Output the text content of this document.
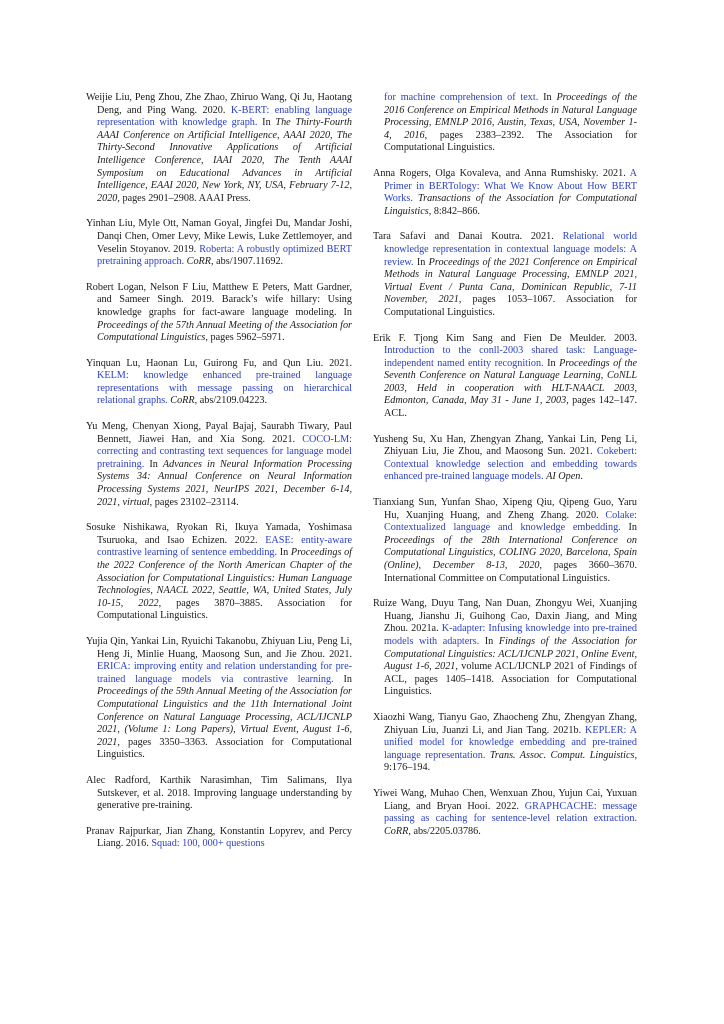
Weijie Liu, Peng Zhou, Zhe Zhao, Zhiruo Wang, Qi Ju, Haotang Deng, and Ping Wang. 2020. K-BERT: enabling language representation with knowledge graph. In The Thirty-Fourth AAAI Conference on Artificial Intelligence, AAAI 2020, The Thirty-Second Innovative Applications of Artificial Intelligence Conference, IAAI 2020, The Tenth AAAI Symposium on Educational Advances in Artificial Intelligence, EAAI 2020, New York, NY, USA, February 7-12, 2020, pages 2901–2908. AAAI Press.

Yinhan Liu, Myle Ott, Naman Goyal, Jingfei Du, Mandar Joshi, Danqi Chen, Omer Levy, Mike Lewis, Luke Zettlemoyer, and Veselin Stoyanov. 2019. Roberta: A robustly optimized BERT pretraining approach. CoRR, abs/1907.11692.

Robert Logan, Nelson F Liu, Matthew E Peters, Matt Gardner, and Sameer Singh. 2019. Barack’s wife hillary: Using knowledge graphs for fact-aware language modeling. In Proceedings of the 57th Annual Meeting of the Association for Computational Linguistics, pages 5962–5971.

Yinquan Lu, Haonan Lu, Guirong Fu, and Qun Liu. 2021. KELM: knowledge enhanced pre-trained language representations with message passing on hierarchical relational graphs. CoRR, abs/2109.04223.

Yu Meng, Chenyan Xiong, Payal Bajaj, Saurabh Tiwary, Paul Bennett, Jiawei Han, and Xia Song. 2021. COCO-LM: correcting and contrasting text sequences for language model pretraining. In Advances in Neural Information Processing Systems 34: Annual Conference on Neural Information Processing Systems 2021, NeurIPS 2021, December 6-14, 2021, virtual, pages 23102–23114.

Sosuke Nishikawa, Ryokan Ri, Ikuya Yamada, Yoshimasa Tsuruoka, and Isao Echizen. 2022. EASE: entity-aware contrastive learning of sentence embedding. In Proceedings of the 2022 Conference of the North American Chapter of the Association for Computational Linguistics: Human Language Technologies, NAACL 2022, Seattle, WA, United States, July 10-15, 2022, pages 3870–3885. Association for Computational Linguistics.

Yujia Qin, Yankai Lin, Ryuichi Takanobu, Zhiyuan Liu, Peng Li, Heng Ji, Minlie Huang, Maosong Sun, and Jie Zhou. 2021. ERICA: improving entity and relation understanding for pre-trained language models via contrastive learning. In Proceedings of the 59th Annual Meeting of the Association for Computational Linguistics and the 11th International Joint Conference on Natural Language Processing, ACL/IJCNLP 2021, (Volume 1: Long Papers), Virtual Event, August 1-6, 2021, pages 3350–3363. Association for Computational Linguistics.

Alec Radford, Karthik Narasimhan, Tim Salimans, Ilya Sutskever, et al. 2018. Improving language understanding by generative pre-training.

Pranav Rajpurkar, Jian Zhang, Konstantin Lopyrev, and Percy Liang. 2016. Squad: 100, 000+ questions

for machine comprehension of text. In Proceedings of the 2016 Conference on Empirical Methods in Natural Language Processing, EMNLP 2016, Austin, Texas, USA, November 1-4, 2016, pages 2383–2392. The Association for Computational Linguistics.

Anna Rogers, Olga Kovaleva, and Anna Rumshisky. 2021. A Primer in BERTology: What We Know About How BERT Works. Transactions of the Association for Computational Linguistics, 8:842–866.

Tara Safavi and Danai Koutra. 2021. Relational world knowledge representation in contextual language models: A review. In Proceedings of the 2021 Conference on Empirical Methods in Natural Language Processing, EMNLP 2021, Virtual Event / Punta Cana, Dominican Republic, 7-11 November, 2021, pages 1053–1067. Association for Computational Linguistics.

Erik F. Tjong Kim Sang and Fien De Meulder. 2003. Introduction to the conll-2003 shared task: Language-independent named entity recognition. In Proceedings of the Seventh Conference on Natural Language Learning, CoNLL 2003, Held in cooperation with HLT-NAACL 2003, Edmonton, Canada, May 31 - June 1, 2003, pages 142–147. ACL.

Yusheng Su, Xu Han, Zhengyan Zhang, Yankai Lin, Peng Li, Zhiyuan Liu, Jie Zhou, and Maosong Sun. 2021. Cokebert: Contextual knowledge selection and embedding towards enhanced pre-trained language models. AI Open.

Tianxiang Sun, Yunfan Shao, Xipeng Qiu, Qipeng Guo, Yaru Hu, Xuanjing Huang, and Zheng Zhang. 2020. Colake: Contextualized language and knowledge embedding. In Proceedings of the 28th International Conference on Computational Linguistics, COLING 2020, Barcelona, Spain (Online), December 8-13, 2020, pages 3660–3670. International Committee on Computational Linguistics.

Ruize Wang, Duyu Tang, Nan Duan, Zhongyu Wei, Xuanjing Huang, Jianshu Ji, Guihong Cao, Daxin Jiang, and Ming Zhou. 2021a. K-adapter: Infusing knowledge into pre-trained models with adapters. In Findings of the Association for Computational Linguistics: ACL/IJCNLP 2021, Online Event, August 1-6, 2021, volume ACL/IJCNLP 2021 of Findings of ACL, pages 1405–1418. Association for Computational Linguistics.

Xiaozhi Wang, Tianyu Gao, Zhaocheng Zhu, Zhengyan Zhang, Zhiyuan Liu, Juanzi Li, and Jian Tang. 2021b. KEPLER: A unified model for knowledge embedding and pre-trained language representation. Trans. Assoc. Comput. Linguistics, 9:176–194.

Yiwei Wang, Muhao Chen, Wenxuan Zhou, Yujun Cai, Yuxuan Liang, and Bryan Hooi. 2022. GRAPHCACHE: message passing as caching for sentence-level relation extraction. CoRR, abs/2205.03786.
